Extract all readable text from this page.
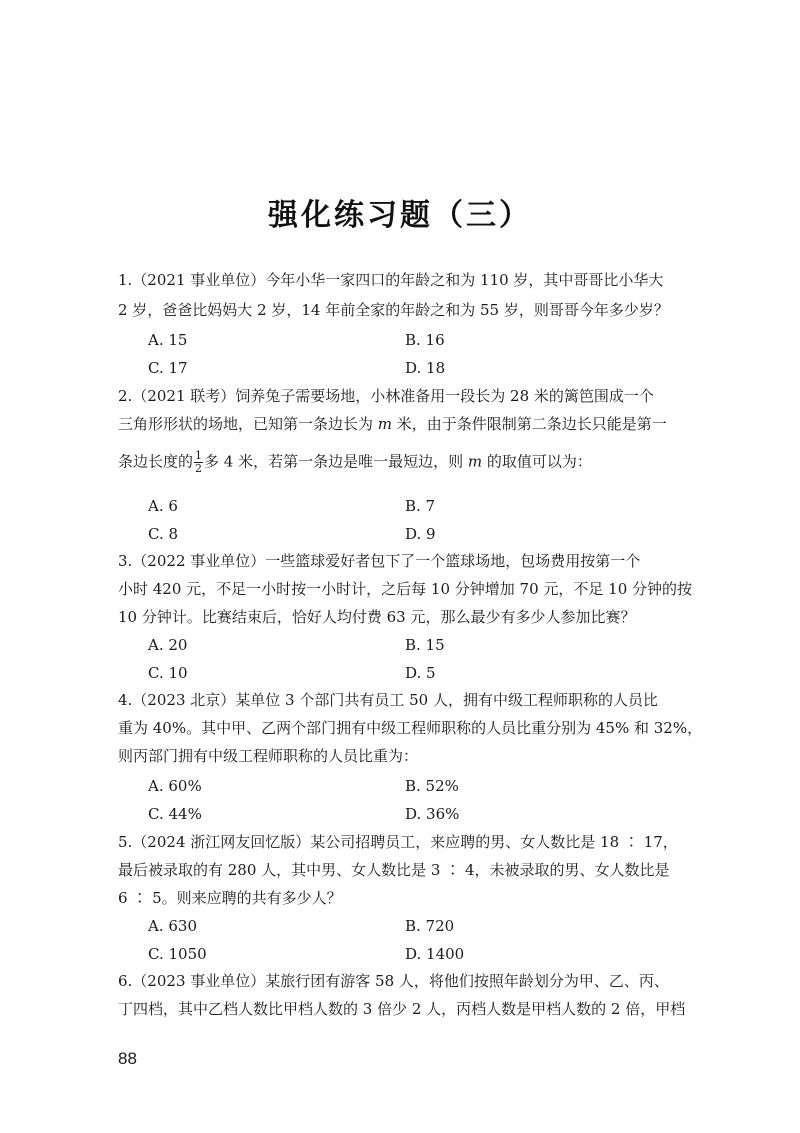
强化练习题（三）
1.（2021 事业单位）今年小华一家四口的年龄之和为 110 岁，其中哥哥比小华大
2 岁，爸爸比妈妈大 2 岁，14 年前全家的年龄之和为 55 岁，则哥哥今年多少岁？
A. 15	B. 16
C. 17	D. 18
2.（2021 联考）饲养兔子需要场地，小林准备用一段长为 28 米的篱笆围成一个
三角形形状的场地，已知第一条边长为 m 米，由于条件限制第二条边长只能是第一
条边长度的 $\frac{1}{2}$ 多 4 米，若第一条边是唯一最短边，则 m 的取值可以为：
A. 6	B. 7
C. 8	D. 9
3.（2022 事业单位）一些篮球爱好者包下了一个篮球场地，包场费用按第一个
小时 420 元，不足一小时按一小时计，之后每 10 分钟增加 70 元，不足 10 分钟的按
10 分钟计。比赛结束后，恰好人均付费 63 元，那么最少有多少人参加比赛？
A. 20	B. 15
C. 10	D. 5
4.（2023 北京）某单位 3 个部门共有员工 50 人，拥有中级工程师职称的人员比
重为 40%。其中甲、乙两个部门拥有中级工程师职称的人员比重分别为 45% 和 32%，
则丙部门拥有中级工程师职称的人员比重为：
A. 60%	B. 52%
C. 44%	D. 36%
5.（2024 浙江网友回忆版）某公司招聘员工，来应聘的男、女人数比是 18 ∶ 17，
最后被录取的有 280 人，其中男、女人数比是 3 ∶ 4，未被录取的男、女人数比是
6 ∶ 5。则来应聘的共有多少人？
A. 630	B. 720
C. 1050	D. 1400
6.（2023 事业单位）某旅行团有游客 58 人，将他们按照年龄划分为甲、乙、丙、
丁四档，其中乙档人数比甲档人数的 3 倍少 2 人，丙档人数是甲档人数的 2 倍，甲档
88
